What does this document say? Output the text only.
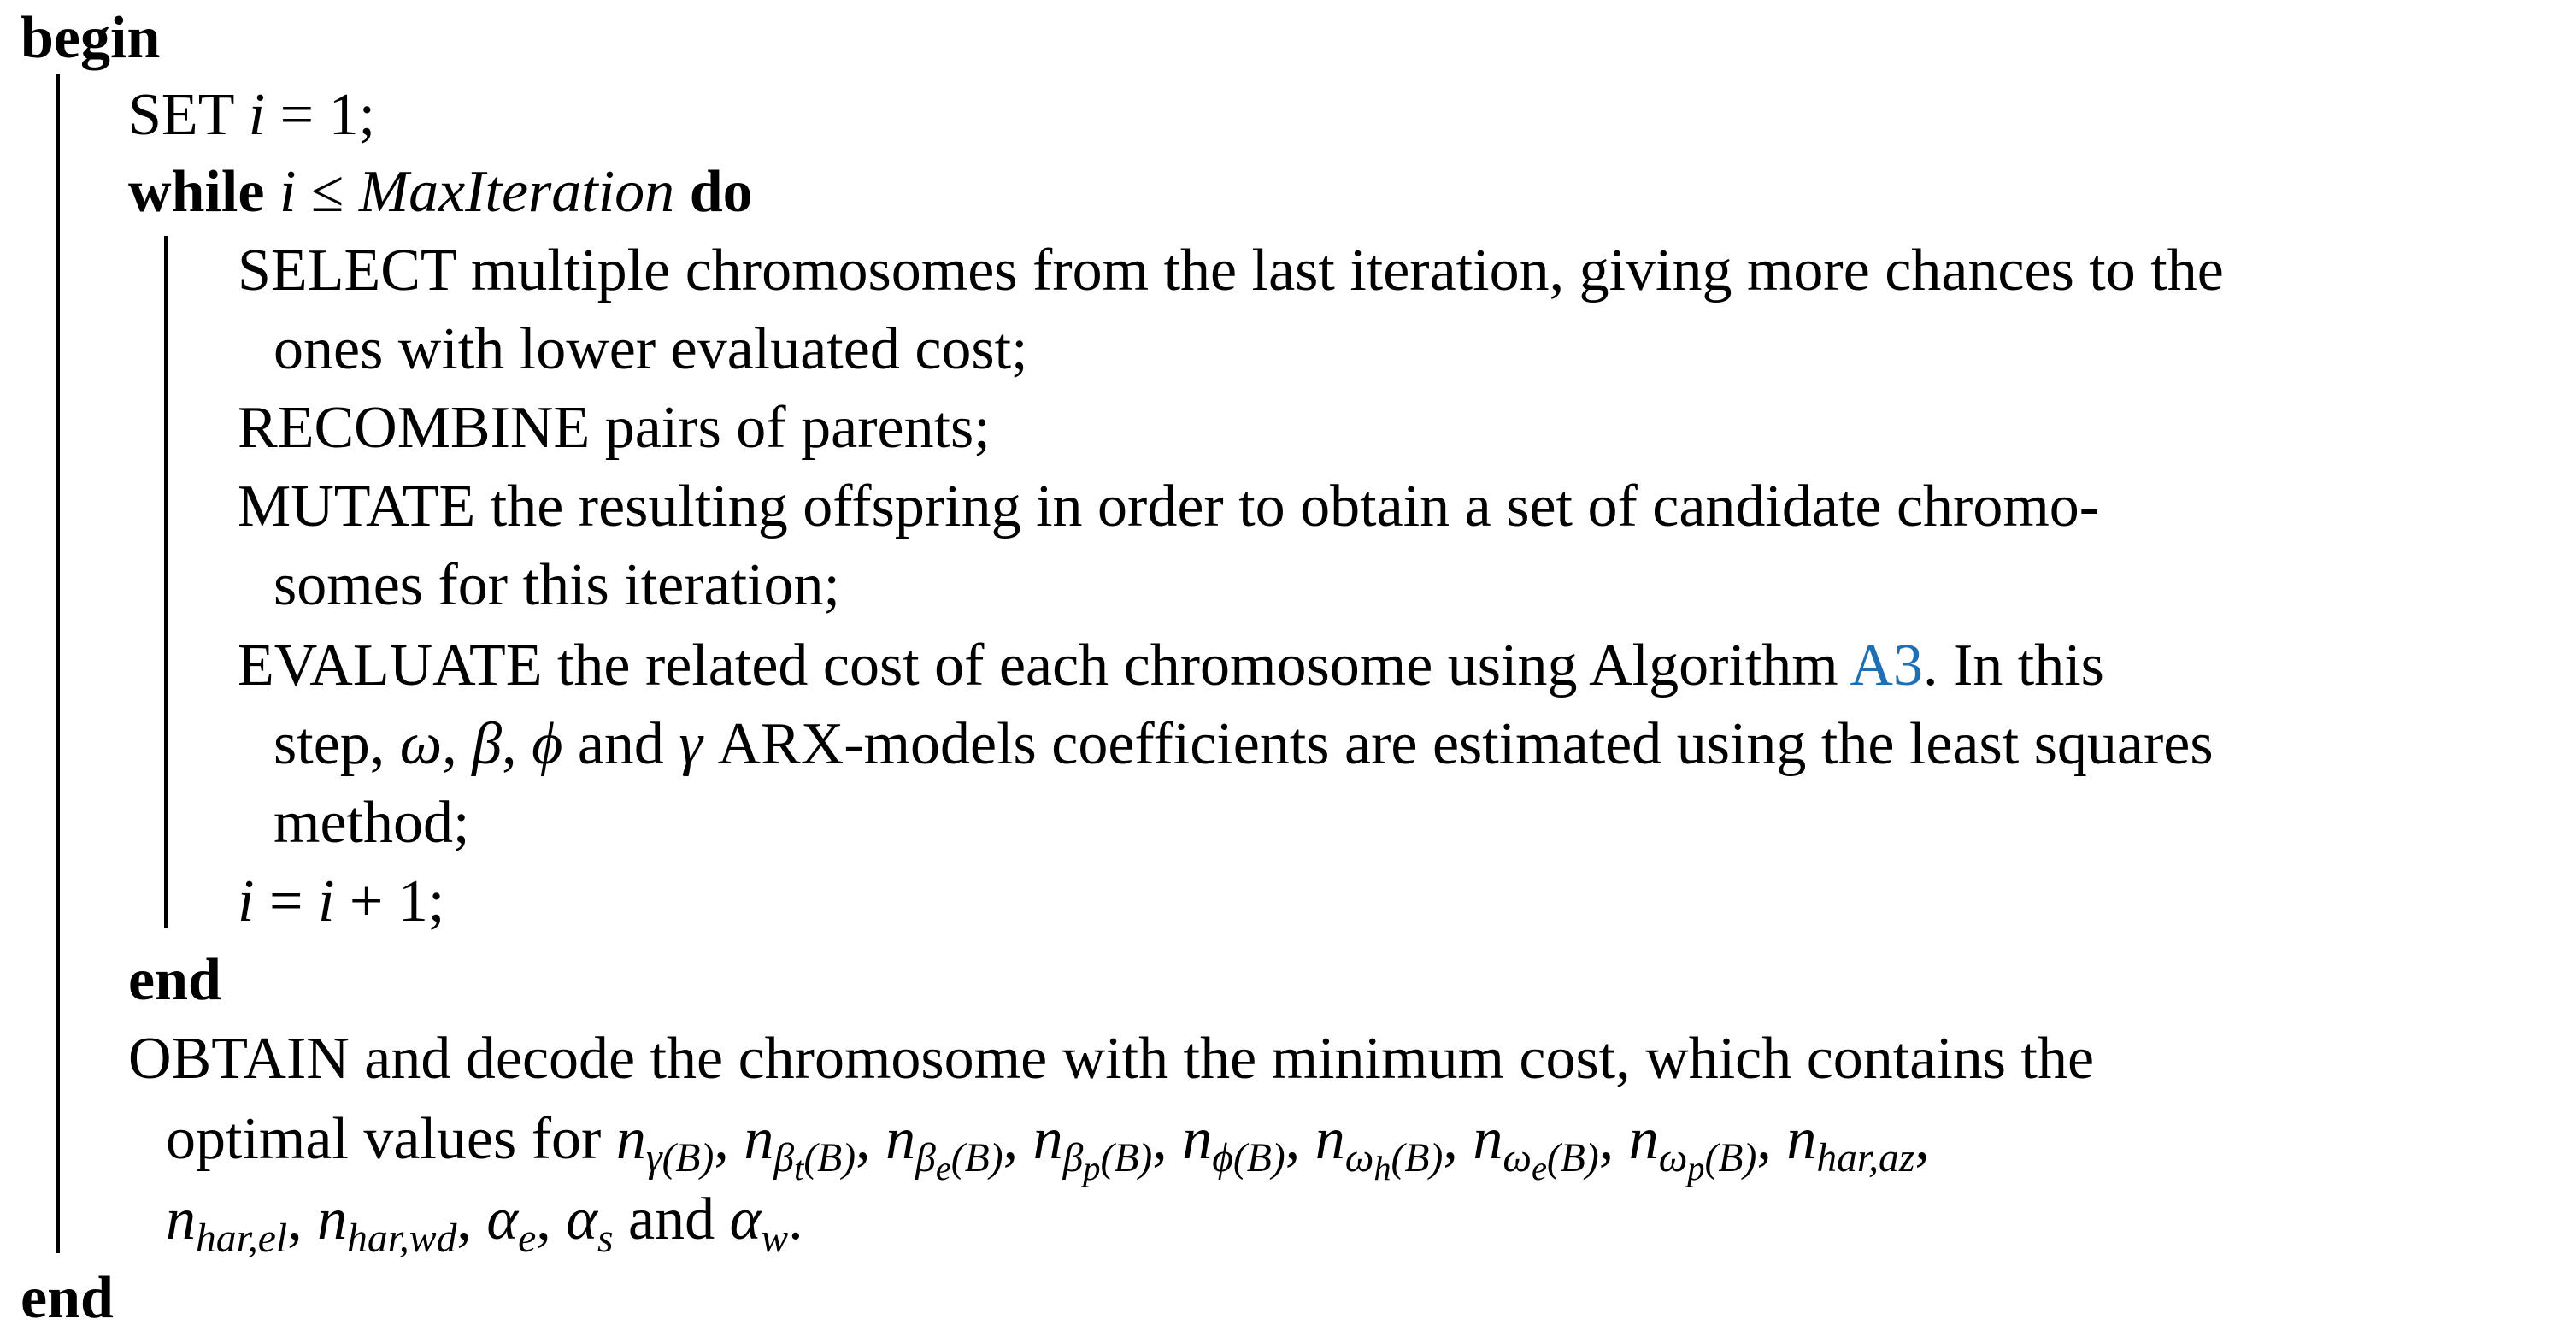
begin
SET i = 1;
while i ≤ MaxIteration do
SELECT multiple chromosomes from the last iteration, giving more chances to the
ones with lower evaluated cost;
RECOMBINE pairs of parents;
MUTATE the resulting offspring in order to obtain a set of candidate chromo-
somes for this iteration;
EVALUATE the related cost of each chromosome using Algorithm A3. In this
step, ω, β, ϕ and γ ARX-models coefficients are estimated using the least squares
method;
i = i + 1;
end
OBTAIN and decode the chromosome with the minimum cost, which contains the
optimal values for $n_{\gamma(B)}$, $n_{\beta_t(B)}$, $n_{\beta_e(B)}$, $n_{\beta_p(B)}$, $n_{\phi(B)}$, $n_{\omega_h(B)}$, $n_{\omega_e(B)}$, $n_{\omega_p(B)}$, $n_{har,az}$,
$n_{har,el}$, $n_{har,wd}$, $\alpha_e$, $\alpha_s$ and $\alpha_w$.
end
